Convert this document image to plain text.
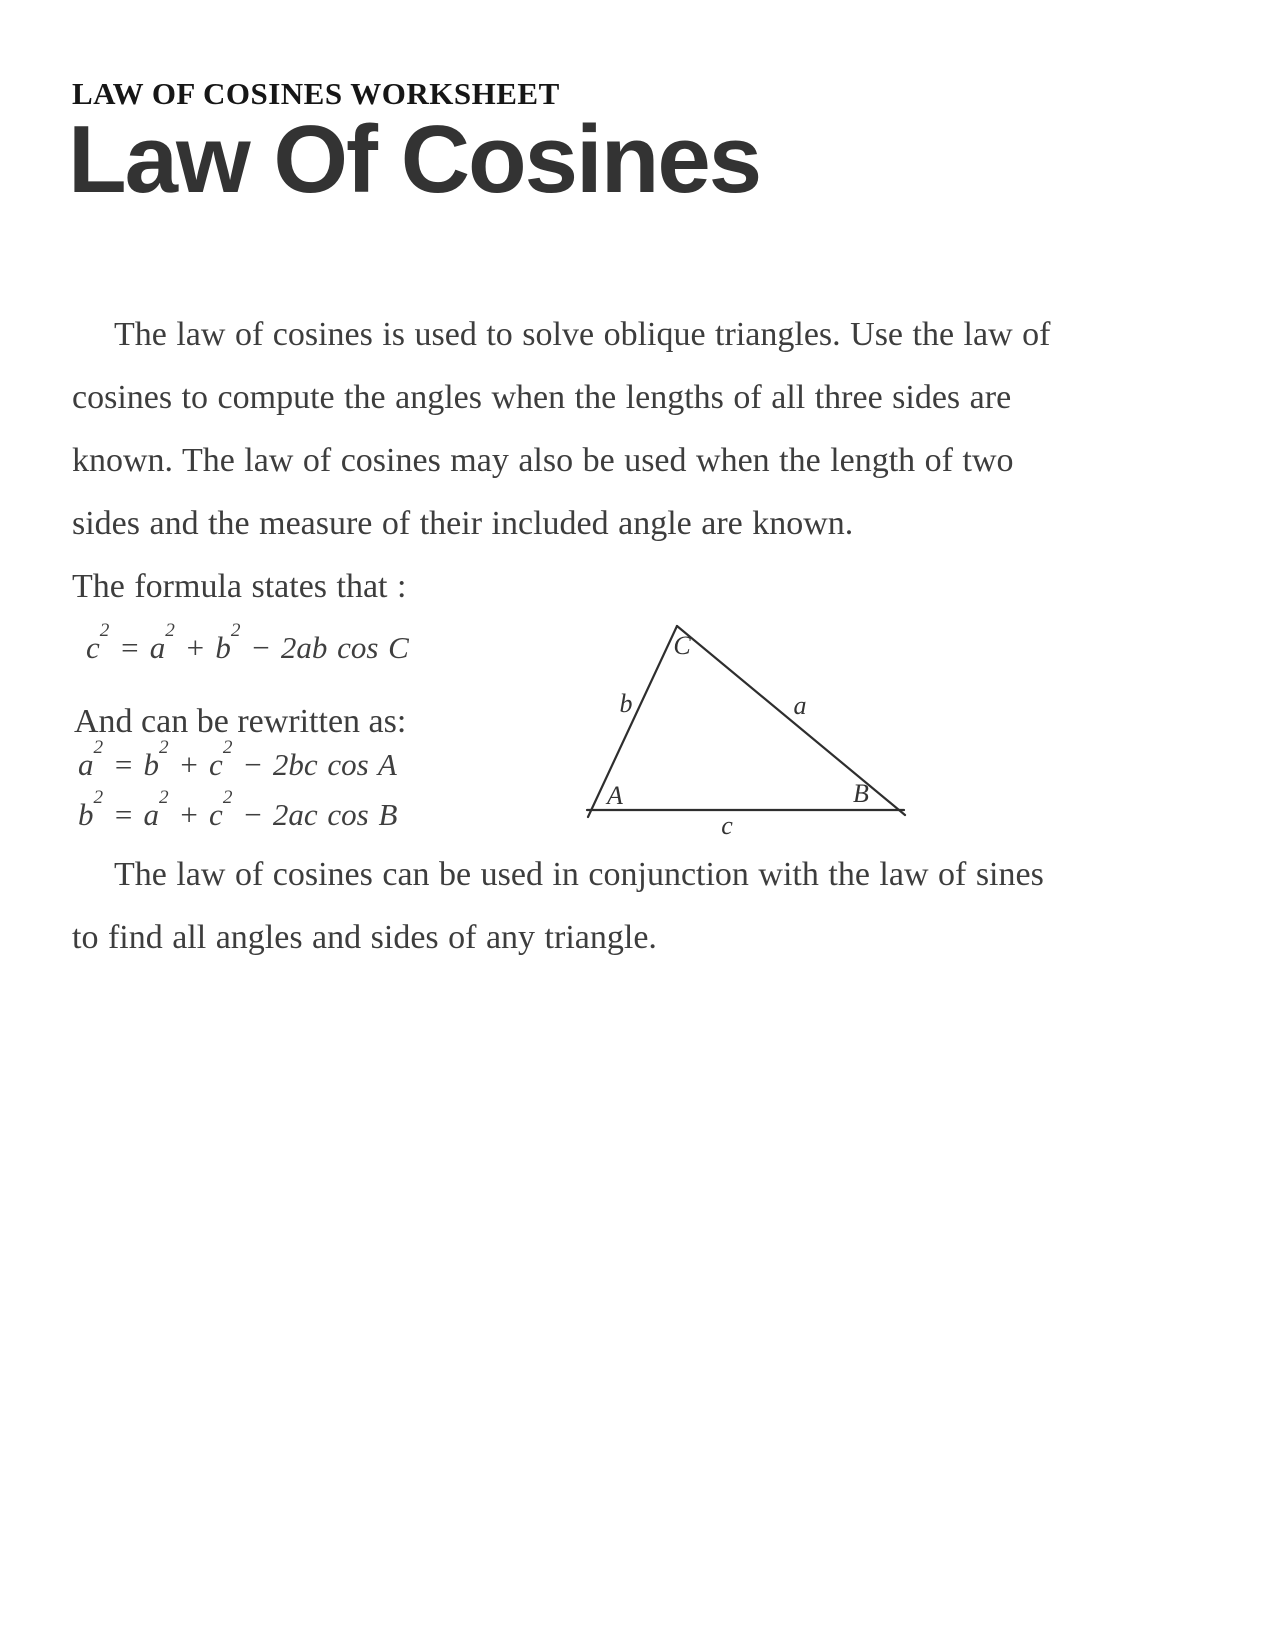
LAW OF COSINES WORKSHEET
Law Of Cosines
The law of cosines is used to solve oblique triangles. Use the law of
cosines to compute the angles when the lengths of all three sides are
known. The law of cosines may also be used when the length of two
sides and the measure of their included angle are known.
The formula states that :
$c^2 = a^2 + b^2 - 2ab$ cos C
And can be rewritten as:
$a^2 = b^2 + c^2 - 2bc$ cos A
$b^2 = a^2 + c^2 - 2ac$ cos B
C
b	a
A	B
c
The law of cosines can be used in conjunction with the law of sines
to find all angles and sides of any triangle.
